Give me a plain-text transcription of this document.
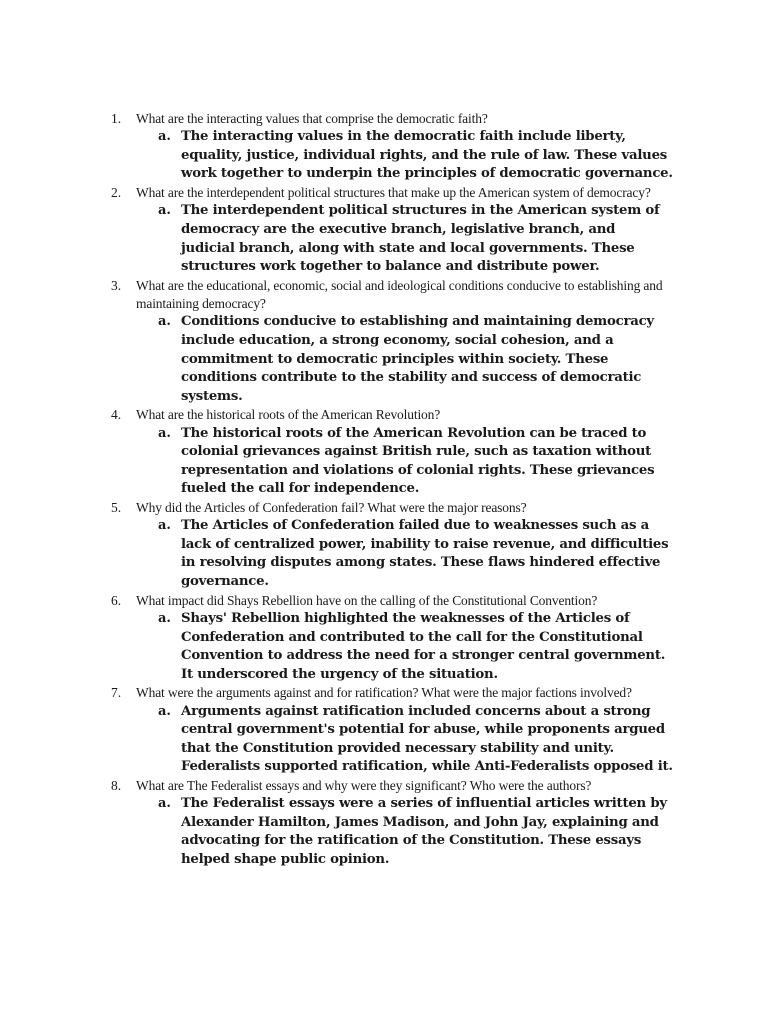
1.	What are the interacting values that comprise the democratic faith?
a. The interacting values in the democratic faith include liberty, equality, justice, individual rights, and the rule of law. These values work together to underpin the principles of democratic governance.
2.	What are the interdependent political structures that make up the American system of democracy?
a. The interdependent political structures in the American system of democracy are the executive branch, legislative branch, and judicial branch, along with state and local governments. These structures work together to balance and distribute power.
3.	What are the educational, economic, social and ideological conditions conducive to establishing and maintaining democracy?
a. Conditions conducive to establishing and maintaining democracy include education, a strong economy, social cohesion, and a commitment to democratic principles within society. These conditions contribute to the stability and success of democratic systems.
4.	What are the historical roots of the American Revolution?
a. The historical roots of the American Revolution can be traced to colonial grievances against British rule, such as taxation without representation and violations of colonial rights. These grievances fueled the call for independence.
5.	Why did the Articles of Confederation fail? What were the major reasons?
a. The Articles of Confederation failed due to weaknesses such as a lack of centralized power, inability to raise revenue, and difficulties in resolving disputes among states. These flaws hindered effective governance.
6.	What impact did Shays Rebellion have on the calling of the Constitutional Convention?
a. Shays' Rebellion highlighted the weaknesses of the Articles of Confederation and contributed to the call for the Constitutional Convention to address the need for a stronger central government. It underscored the urgency of the situation.
7.	What were the arguments against and for ratification? What were the major factions involved?
a. Arguments against ratification included concerns about a strong central government's potential for abuse, while proponents argued that the Constitution provided necessary stability and unity. Federalists supported ratification, while Anti-Federalists opposed it.
8.	What are The Federalist essays and why were they significant? Who were the authors?
a. The Federalist essays were a series of influential articles written by Alexander Hamilton, James Madison, and John Jay, explaining and advocating for the ratification of the Constitution. These essays helped shape public opinion.
